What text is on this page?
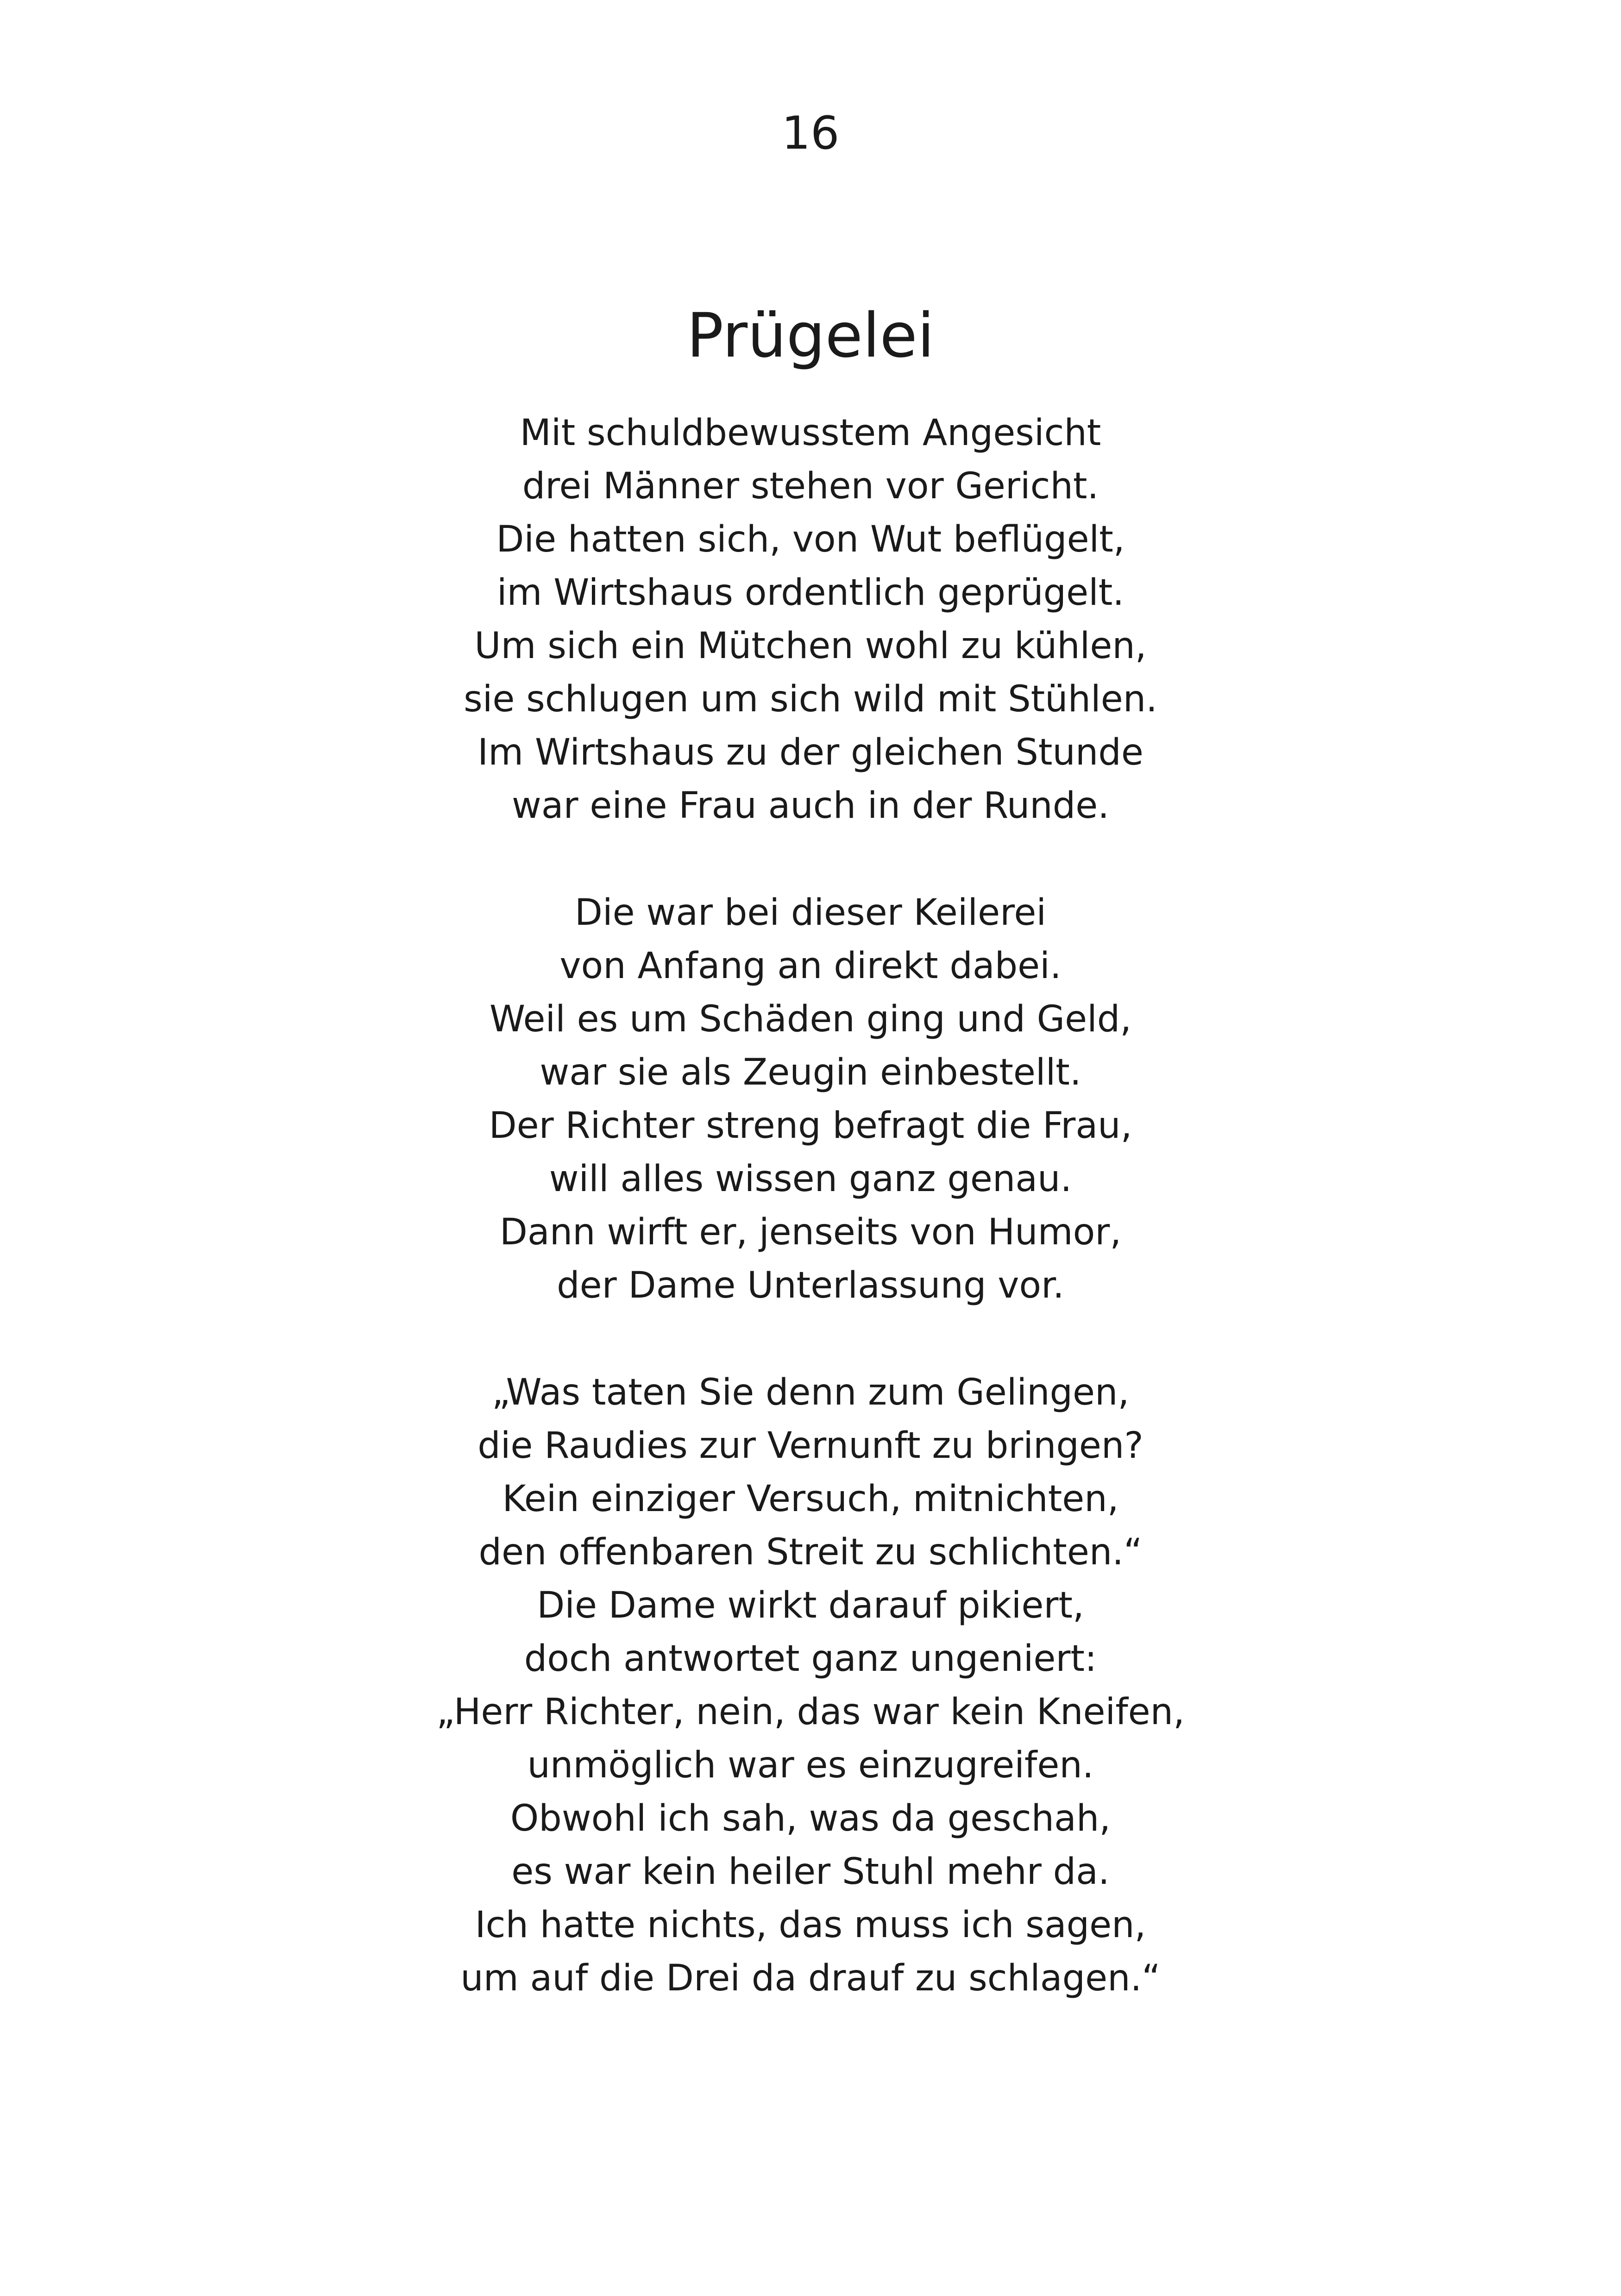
16
Prügelei
Mit schuldbewusstem Angesicht
drei Männer stehen vor Gericht.
Die hatten sich, von Wut beflügelt,
im Wirtshaus ordentlich geprügelt.
Um sich ein Mütchen wohl zu kühlen,
sie schlugen um sich wild mit Stühlen.
Im Wirtshaus zu der gleichen Stunde
war eine Frau auch in der Runde.
Die war bei dieser Keilerei
von Anfang an direkt dabei.
Weil es um Schäden ging und Geld,
war sie als Zeugin einbestellt.
Der Richter streng befragt die Frau,
will alles wissen ganz genau.
Dann wirft er, jenseits von Humor,
der Dame Unterlassung vor.
„Was taten Sie denn zum Gelingen,
die Raudies zur Vernunft zu bringen?
Kein einziger Versuch, mitnichten,
den offenbaren Streit zu schlichten.“
Die Dame wirkt darauf pikiert,
doch antwortet ganz ungeniert:
„Herr Richter, nein, das war kein Kneifen,
unmöglich war es einzugreifen.
Obwohl ich sah, was da geschah,
es war kein heiler Stuhl mehr da.
Ich hatte nichts, das muss ich sagen,
um auf die Drei da drauf zu schlagen.“
